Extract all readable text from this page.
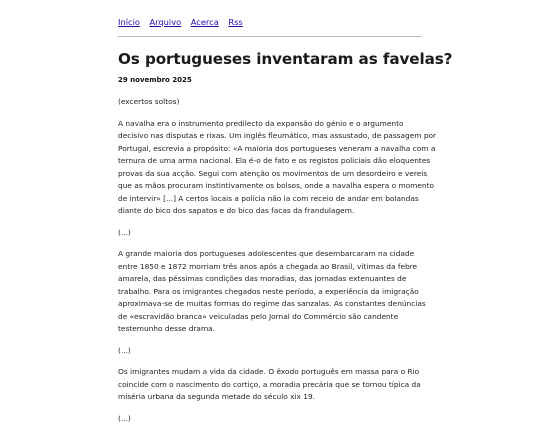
Início Arquivo Acerca Rss
Os portugueses inventaram as favelas?
29 novembro 2025

(excertos soltos)

A navalha era o instrumento predilecto da expansão do génio e o argumento
decisivo nas disputas e rixas. Um inglês fleumático, mas assustado, de passagem por
Portugal, escrevia a propósito: «A maioria dos portugueses veneram a navalha com a
ternura de uma arma nacional. Ela é-o de fato e os registos policiais dão eloquentes
provas da sua acção. Segui com atenção os movimentos de um desordeiro e vereis
que as mãos procuram instintivamente os bolsos, onde a navalha espera o momento
de intervir» [...] A certos locais a polícia não ia com receio de andar em bolandas
diante do bico dos sapatos e do bico das facas da frandulagem.

(...)

A grande maioria dos portugueses adolescentes que desembarcaram na cidade
entre 1850 e 1872 morriam três anos após a chegada ao Brasil, vítimas da febre
amarela, das péssimas condições das moradias, das jornadas extenuantes de
trabalho. Para os imigrantes chegados neste período, a experiência da imigração
aproximava-se de muitas formas do regime das sanzalas. As constantes denúncias
de «escravidão branca» veiculadas pelo Jornal do Commércio são candente
testemunho desse drama.

(...)

Os imigrantes mudam a vida da cidade. O êxodo português em massa para o Rio
coincide com o nascimento do cortiço, a moradia precária que se tornou típica da
miséria urbana da segunda metade do século xix 19.

(...)
